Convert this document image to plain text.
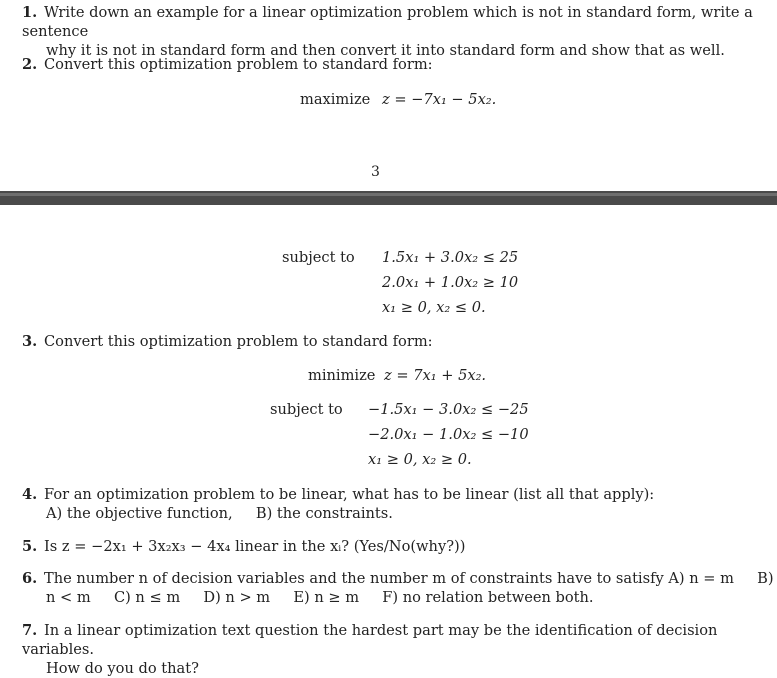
1. Write down an example for a linear optimization problem which is not in standard form, write a sentence
why it is not in standard form and then convert it into standard form and show that as well.
2. Convert this optimization problem to standard form:
maximize z = −7x₁ − 5x₂.
3
subject to 1.5x₁ + 3.0x₂ ≤ 25
2.0x₁ + 1.0x₂ ≥ 10
x₁ ≥ 0, x₂ ≤ 0.
3. Convert this optimization problem to standard form:
minimize z = 7x₁ + 5x₂.
subject to −1.5x₁ − 3.0x₂ ≤ −25
−2.0x₁ − 1.0x₂ ≤ −10
x₁ ≥ 0, x₂ ≥ 0.
4. For an optimization problem to be linear, what has to be linear (list all that apply):
A) the objective function,     B) the constraints.
5. Is z = −2x₁ + 3x₂x₃ − 4x₄ linear in the xᵢ? (Yes/No(why?))
6. The number n of decision variables and the number m of constraints have to satisfy A) n = m     B)
n < m     C) n ≤ m     D) n > m     E) n ≥ m     F) no relation between both.
7. In a linear optimization text question the hardest part may be the identification of decision variables.
How do you do that?
